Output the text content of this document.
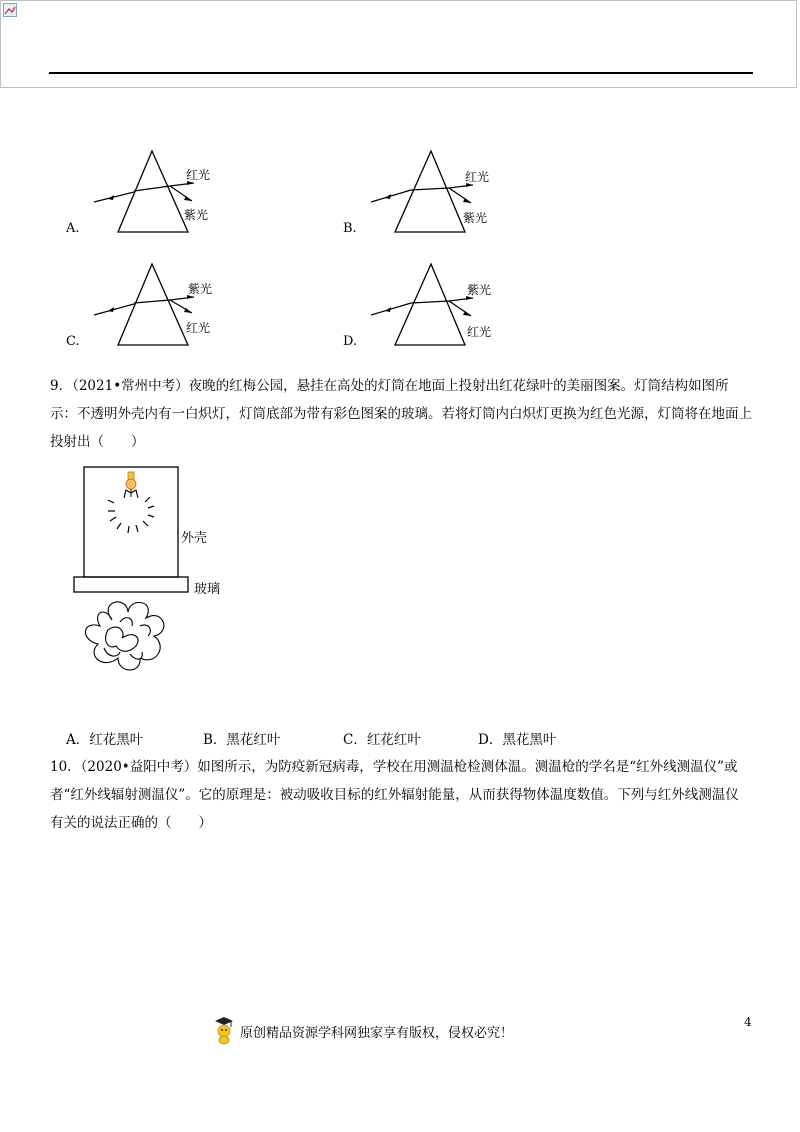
红光
紫光
A.
红光
紫光
B.
紫光
红光
C.
紫光
红光
D.

9．（2021•常州中考）夜晚的红梅公园，悬挂在高处的灯筒在地面上投射出红花绿叶的美丽图案。灯筒结构如图所示：不透明外壳内有一白炽灯，灯筒底部为带有彩色图案的玻璃。若将灯筒内白炽灯更换为红色光源，灯筒将在地面上投射出（　　）

外壳
玻璃
A．红花黑叶	B．黑花红叶	C．红花红叶	D．黑花黑叶

10．（2020•益阳中考）如图所示，为防疫新冠病毒，学校在用测温枪检测体温。测温枪的学名是“红外线测温仪”或者“红外线辐射测温仪”。它的原理是：被动吸收目标的红外辐射能量，从而获得物体温度数值。下列与红外线测温仪有关的说法正确的（　　）

4
原创精品资源学科网独家享有版权，侵权必究！
